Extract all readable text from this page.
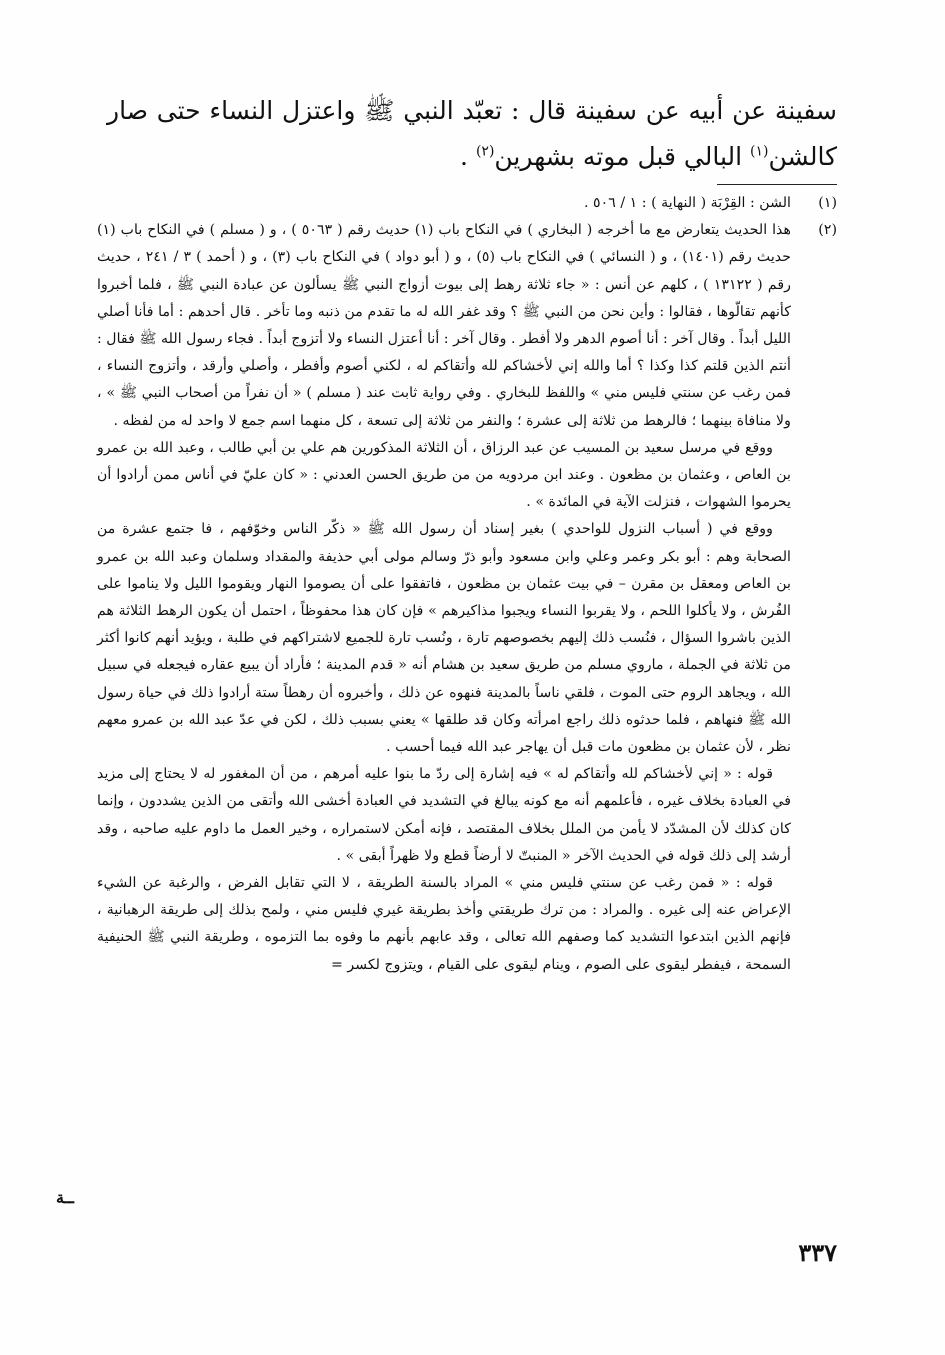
سفينة عن أبيه عن سفينة قال : تعبّد النبي ﷺ واعتزل النساء حتى صار كالشن$^{(١)}$ البالي قبل موته بشهرين$^{(٢)}$ .
(١)
الشن : القِرْبَة ( النهاية ) : ١ / ٥٠٦ .
(٢)
هذا الحديث يتعارض مع ما أخرجه ( البخاري ) في النكاح باب (١) حديث رقم ( ٥٠٦٣ ) ، و ( مسلم ) في النكاح باب (١) حديث رقم (١٤٠١) ، و ( النسائي ) في النكاح باب (٥) ، و ( أبو دواد ) في النكاح باب (٣) ، و ( أحمد ) ٣ / ٢٤١ ، حديث رقم ( ١٣١٢٢ ) ، كلهم عن أنس : « جاء ثلاثة رهط إلى بيوت أزواج النبي ﷺ يسألون عن عبادة النبي ﷺ ، فلما أخبروا كأنهم تقالّوها ، فقالوا : وأين نحن من النبي ﷺ ؟ وقد غفر الله له ما تقدم من ذنبه وما تأخر . قال أحدهم : أما فأنا أصلي الليل أبداً . وقال آخر : أنا أصوم الدهر ولا أفطر . وقال آخر : أنا أعتزل النساء ولا أتزوج أبداً . فجاء رسول الله ﷺ فقال : أنتم الذين قلتم كذا وكذا ؟ أما والله إني لأخشاكم لله وأتقاكم له ، لكني أصوم وأفطر ، وأصلي وأرقد ، وأتزوج النساء ، فمن رغب عن سنتي فليس مني » واللفظ للبخاري . وفي رواية ثابت عند ( مسلم ) « أن نفراً من أصحاب النبي ﷺ » ، ولا منافاة بينهما ؛ فالرهط من ثلاثة إلى عشرة ؛ والنفر من ثلاثة إلى تسعة ، كل منهما اسم جمع لا واحد له من لفظه .
ووقع في مرسل سعيد بن المسيب عن عبد الرزاق ، أن الثلاثة المذكورين هم علي بن أبي طالب ، وعبد الله بن عمرو بن العاص ، وعثمان بن مظعون . وعند ابن مردويه من من طريق الحسن العدني : « كان عليّ في أناس ممن أرادوا أن يحرموا الشهوات ، فنزلت الآية في المائدة » .
ووقع في ( أسباب النزول للواحدي ) بغير إسناد أن رسول الله ﷺ « ذكّر الناس وخوّفهم ، فا جتمع عشرة من الصحابة وهم : أبو بكر وعمر وعلي وابن مسعود وأبو ذرّ وسالم مولى أبي حذيفة والمقداد وسلمان وعبد الله بن عمرو بن العاص ومعقل بن مقرن – في بيت عثمان بن مظعون ، فاتفقوا على أن يصوموا النهار ويقوموا الليل ولا يناموا على الفُرش ، ولا يأكلوا اللحم ، ولا يقربوا النساء ويجبوا مذاكيرهم » فإن كان هذا محفوظاً ، احتمل أن يكون الرهط الثلاثة هم الذين باشروا السؤال ، فنُسب ذلك إليهم بخصوصهم تارة ، ونُسب تارة للجميع لاشتراكهم في طلبة ، ويؤيد أنهم كانوا أكثر من ثلاثة في الجملة ، ماروي مسلم من طريق سعيد بن هشام أنه « قدم المدينة ؛ فأراد أن يبيع عقاره فيجعله في سبيل الله ، ويجاهد الروم حتى الموت ، فلقي ناساً بالمدينة فنهوه عن ذلك ، وأخبروه أن رهطاً ستة أرادوا ذلك في حياة رسول الله ﷺ فنهاهم ، فلما حدثوه ذلك راجع امرأته وكان قد طلقها » يعني بسبب ذلك ، لكن في عدّ عبد الله بن عمرو معهم نظر ، لأن عثمان بن مظعون مات قبل أن يهاجر عبد الله فيما أحسب .
قوله : « إني لأخشاكم لله وأتقاكم له » فيه إشارة إلى ردّ ما بنوا عليه أمرهم ، من أن المغفور له لا يحتاج إلى مزيد في العبادة بخلاف غيره ، فأعلمهم أنه مع كونه يبالغ في التشديد في العبادة أخشى الله وأتقى من الذين يشددون ، وإنما كان كذلك لأن المشدّد لا يأمن من الملل بخلاف المقتصد ، فإنه أمكن لاستمراره ، وخير العمل ما داوم عليه صاحبه ، وقد أرشد إلى ذلك قوله في الحديث الآخر « المنبتّ لا أرضاً قطع ولا ظهراً أبقى » .
قوله : « فمن رغب عن سنتي فليس مني » المراد بالسنة الطريقة ، لا التي تقابل الفرض ، والرغبة عن الشيء الإعراض عنه إلى غيره . والمراد : من ترك طريقتي وأخذ بطريقة غيري فليس مني ، ولمح بذلك إلى طريقة الرهبانية ، فإنهم الذين ابتدعوا التشديد كما وصفهم الله تعالى ، وقد عابهم بأنهم ما وفوه بما التزموه ، وطريقة النبي ﷺ الحنيفية السمحة ، فيفطر ليقوى على الصوم ، وينام ليقوى على القيام ، ويتزوج لكسر =
ــة
٣٣٧
